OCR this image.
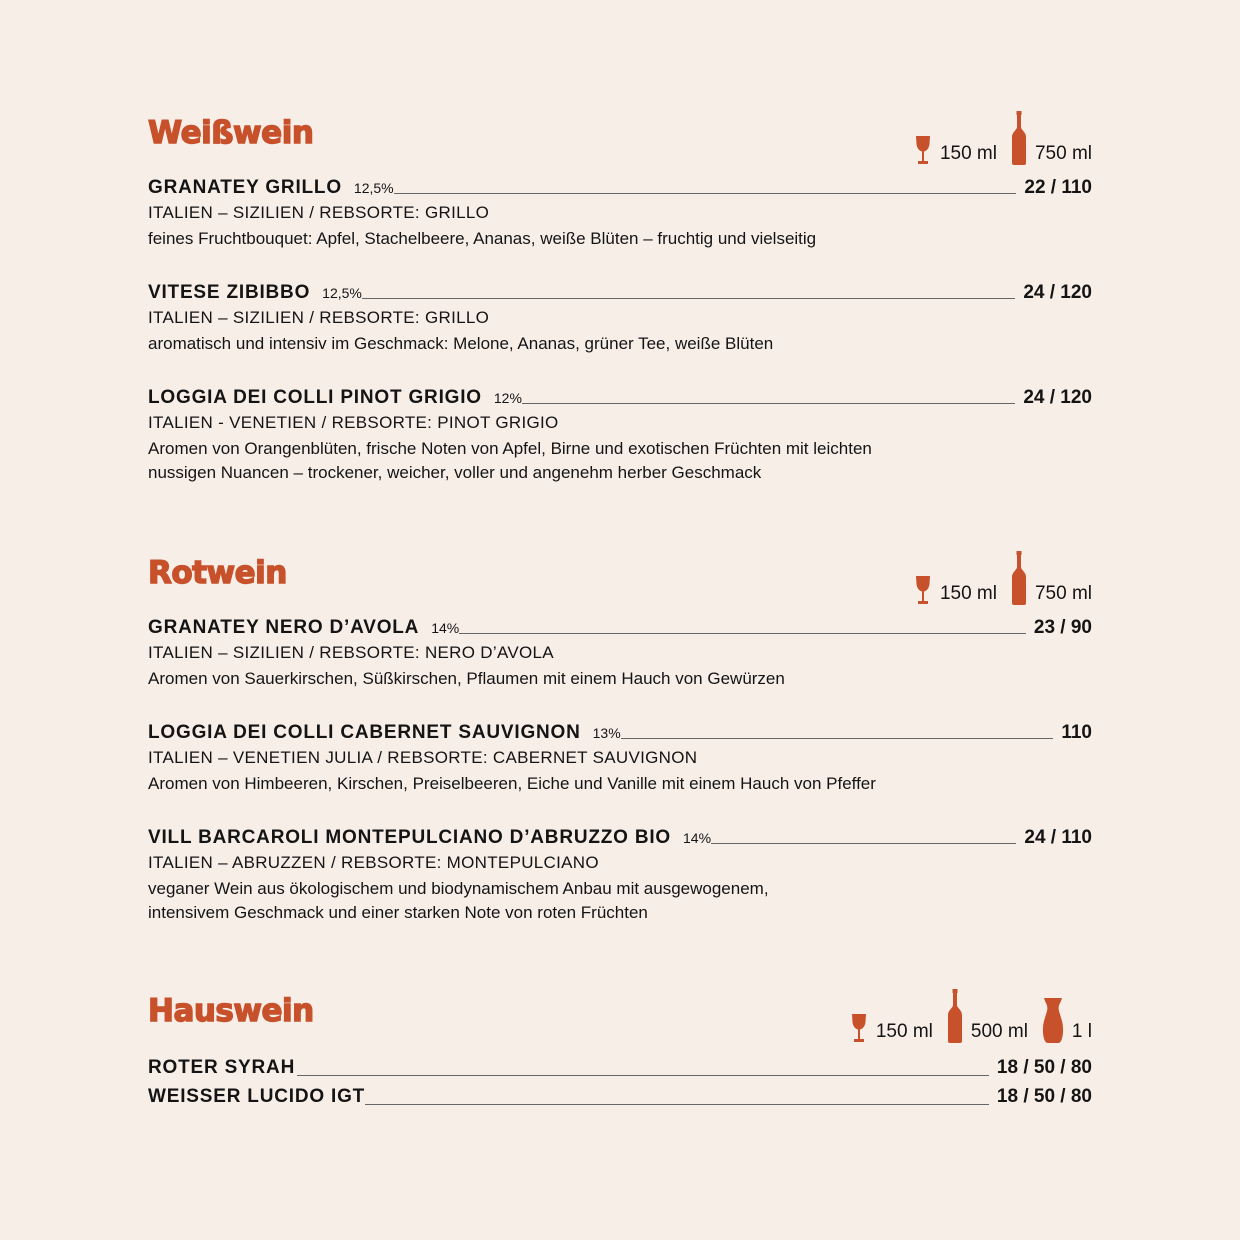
Weißwein
150 ml 750 ml
GRANATEY GRILLO 12,5%	22 / 110
ITALIEN – SIZILIEN / REBSORTE: GRILLO
feines Fruchtbouquet: Apfel, Stachelbeere, Ananas, weiße Blüten – fruchtig und vielseitig
VITESE ZIBIBBO 12,5%	24 / 120
ITALIEN – SIZILIEN / REBSORTE: GRILLO
aromatisch und intensiv im Geschmack: Melone, Ananas, grüner Tee, weiße Blüten
LOGGIA DEI COLLI PINOT GRIGIO 12%	24 / 120
ITALIEN - VENETIEN / REBSORTE: PINOT GRIGIO
Aromen von Orangenblüten, frische Noten von Apfel, Birne und exotischen Früchten mit leichten nussigen Nuancen – trockener, weicher, voller und angenehm herber Geschmack
Rotwein
150 ml 750 ml
GRANATEY NERO D’AVOLA 14%	23 / 90
ITALIEN – SIZILIEN / REBSORTE: NERO D’AVOLA
Aromen von Sauerkirschen, Süßkirschen, Pflaumen mit einem Hauch von Gewürzen
LOGGIA DEI COLLI CABERNET SAUVIGNON 13%	110
ITALIEN – VENETIEN JULIA / REBSORTE: CABERNET SAUVIGNON
Aromen von Himbeeren, Kirschen, Preiselbeeren, Eiche und Vanille mit einem Hauch von Pfeffer
VILL BARCAROLI MONTEPULCIANO D’ABRUZZO BIO 14%	24 / 110
ITALIEN – ABRUZZEN / REBSORTE: MONTEPULCIANO
veganer Wein aus ökologischem und biodynamischem Anbau mit ausgewogenem, intensivem Geschmack und einer starken Note von roten Früchten
Hauswein
150 ml 500 ml 1 l
ROTER SYRAH	18 / 50 / 80
WEISSER LUCIDO IGT	18 / 50 / 80
